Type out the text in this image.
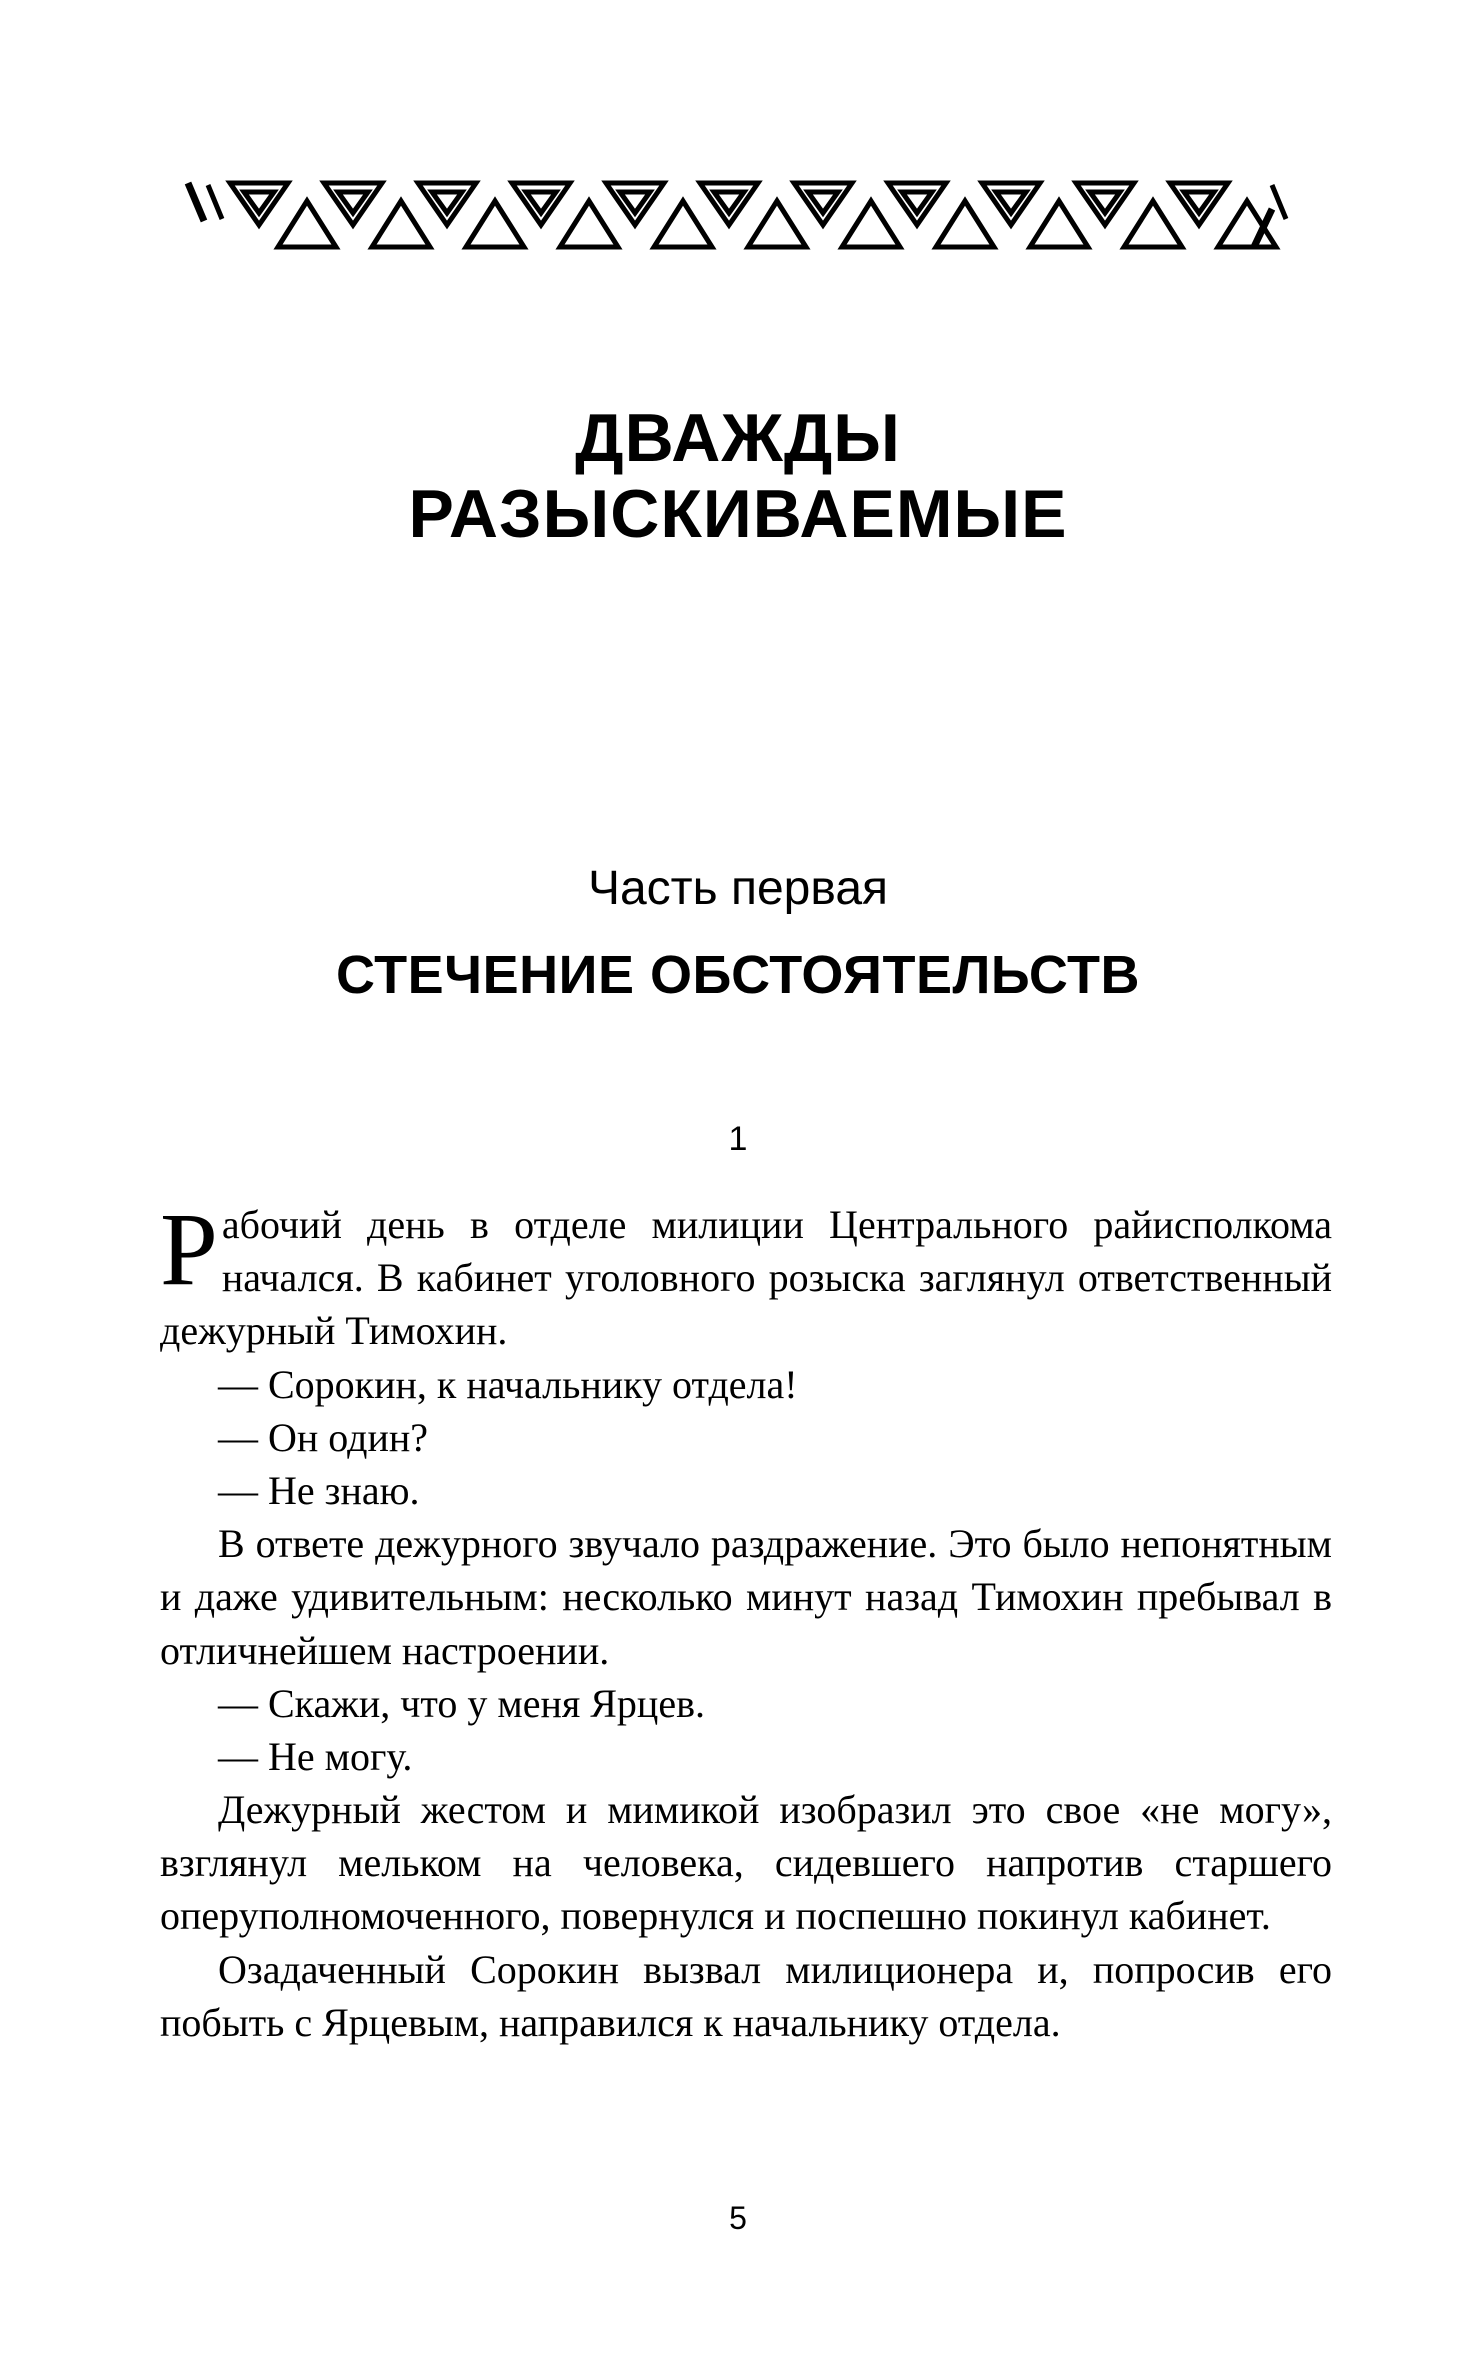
ДВАЖДЫ
РАЗЫСКИВАЕМЫЕ
Часть первая
СТЕЧЕНИЕ ОБСТОЯТЕЛЬСТВ
1

Рабочий день в отделе милиции Центрального райисполкома начался. В кабинет уголовного розыска заглянул ответственный дежурный Тимохин.

— Сорокин, к начальнику отдела!

— Он один?

— Не знаю.

В ответе дежурного звучало раздражение. Это было непонятным и даже удивительным: несколько минут назад Тимохин пребывал в отличнейшем настроении.

— Скажи, что у меня Ярцев.

— Не могу.

Дежурный жестом и мимикой изобразил это свое «не могу», взглянул мельком на человека, сидевшего напротив старшего оперуполномоченного, повернулся и поспешно покинул кабинет.

Озадаченный Сорокин вызвал милиционера и, попросив его побыть с Ярцевым, направился к начальнику отдела.

5
